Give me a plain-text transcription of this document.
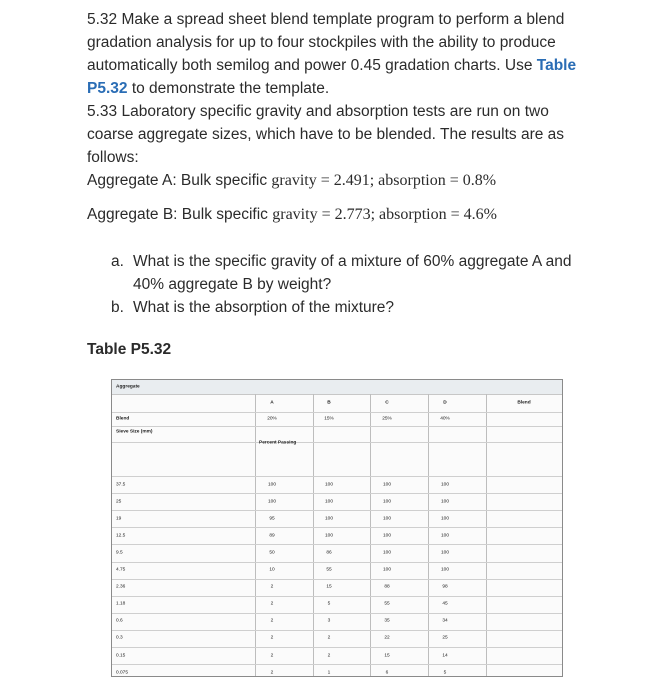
5.32 Make a spread sheet blend template program to perform a blend gradation analysis for up to four stockpiles with the ability to produce automatically both semilog and power 0.45 gradation charts. Use Table P5.32 to demonstrate the template.

5.33 Laboratory specific gravity and absorption tests are run on two coarse aggregate sizes, which have to be blended. The results are as follows:

Aggregate A: Bulk specific gravity = 2.491; absorption = 0.8%

Aggregate B: Bulk specific gravity = 2.773; absorption = 4.6%

a. What is the specific gravity of a mixture of 60% aggregate A and 40% aggregate B by weight?
b. What is the absorption of the mixture?
Table P5.32
Aggregate
A	B	C	D	Blend
Blend	20%	15%	25%	40%
Sieve Size (mm)
Percent Passing
37.5	100	100	100	100
25	100	100	100	100
19	95	100	100	100
12.5	89	100	100	100
9.5	50	86	100	100
4.75	10	55	100	100
2.36	2	15	88	98
1.18	2	5	55	45
0.6	2	3	35	34
0.3	2	2	22	25
0.15	2	2	15	14
0.075	2	1	6	5
